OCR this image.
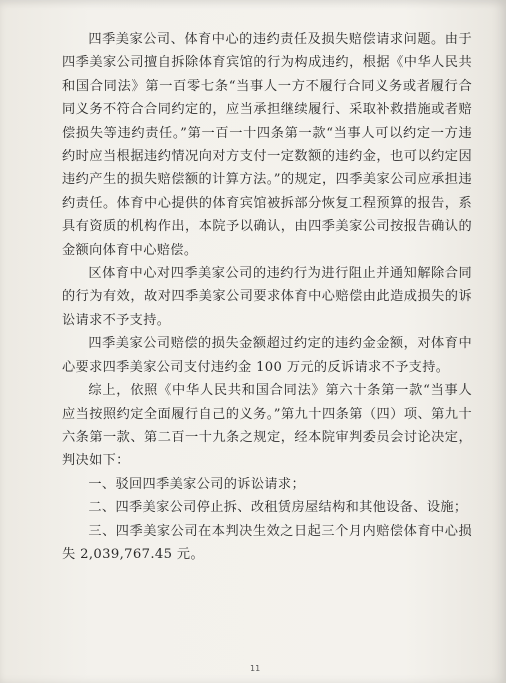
四季美家公司、体育中心的违约责任及损失赔偿请求问题。由于四季美家公司擅自拆除体育宾馆的行为构成违约，根据《中华人民共和国合同法》第一百零七条“当事人一方不履行合同义务或者履行合同义务不符合合同约定的，应当承担继续履行、采取补救措施或者赔偿损失等违约责任。”第一百一十四条第一款“当事人可以约定一方违约时应当根据违约情况向对方支付一定数额的违约金，也可以约定因违约产生的损失赔偿额的计算方法。”的规定，四季美家公司应承担违约责任。体育中心提供的体育宾馆被拆部分恢复工程预算的报告，系具有资质的机构作出，本院予以确认，由四季美家公司按报告确认的金额向体育中心赔偿。

区体育中心对四季美家公司的违约行为进行阻止并通知解除合同的行为有效，故对四季美家公司要求体育中心赔偿由此造成损失的诉讼请求不予支持。

四季美家公司赔偿的损失金额超过约定的违约金金额，对体育中心要求四季美家公司支付违约金 100 万元的反诉请求不予支持。

综上，依照《中华人民共和国合同法》第六十条第一款“当事人应当按照约定全面履行自己的义务。”第九十四条第（四）项、第九十六条第一款、第二百一十九条之规定，经本院审判委员会讨论决定，判决如下：

一、驳回四季美家公司的诉讼请求；

二、四季美家公司停止拆、改租赁房屋结构和其他设备、设施；

三、四季美家公司在本判决生效之日起三个月内赔偿体育中心损失 2,039,767.45 元。

11
